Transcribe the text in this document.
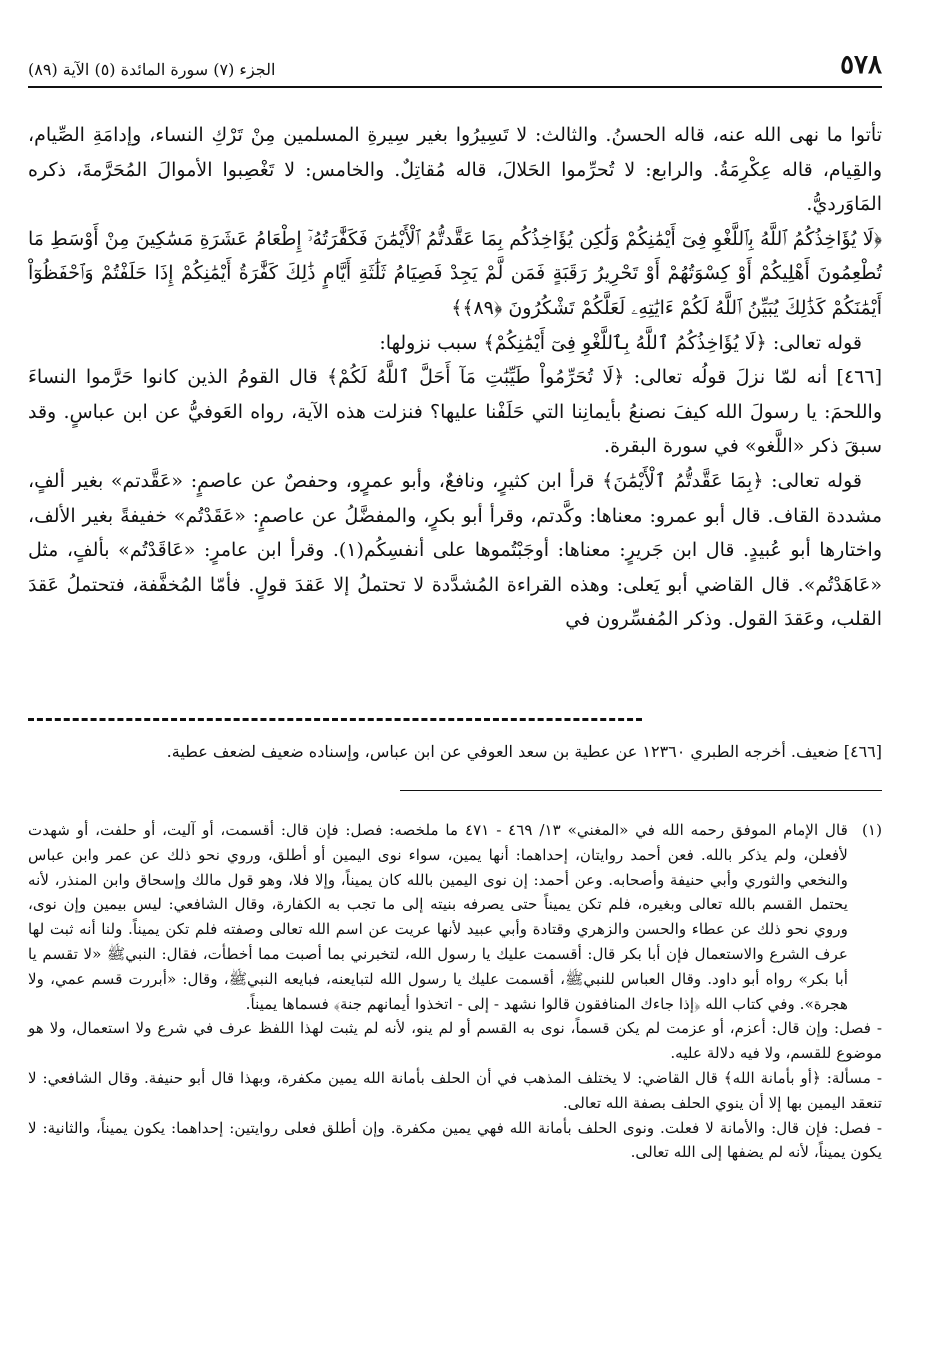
٥٧٨
الجزء (٧) سورة المائدة (٥) الآية (٨٩)

تأتوا ما نهى الله عنه، قاله الحسنُ. والثالث: لا تَسِيرُوا بغير سِيرةِ المسلمين مِنْ تَرْكِ النساء، وإدامَةِ الصِّيام، والقِيام، قاله عِكْرِمَةُ. والرابع: لا تُحرِّموا الحَلالَ، قاله مُقاتِلٌ. والخامس: لا تَغْصِبوا الأموالَ المُحَرَّمةَ، ذكره المَاوَرديُّ.

﴿لَا يُؤَاخِذُكُمُ ٱللَّهُ بِٱللَّغْوِ فِىٓ أَيْمَٰنِكُمْ وَلَٰكِن يُؤَاخِذُكُم بِمَا عَقَّدتُّمُ ٱلْأَيْمَٰنَ فَكَفَّٰرَتُهُۥٓ إِطْعَامُ عَشَرَةِ مَسَٰكِينَ مِنْ أَوْسَطِ مَا تُطْعِمُونَ أَهْلِيكُمْ أَوْ كِسْوَتُهُمْ أَوْ تَحْرِيرُ رَقَبَةٍ فَمَن لَّمْ يَجِدْ فَصِيَامُ ثَلَٰثَةِ أَيَّامٍ ذَٰلِكَ كَفَّٰرَةُ أَيْمَٰنِكُمْ إِذَا حَلَفْتُمْ وَٱحْفَظُوٓاْ أَيْمَٰنَكُمْ كَذَٰلِكَ يُبَيِّنُ ٱللَّهُ لَكُمْ ءَايَٰتِهِۦ لَعَلَّكُمْ تَشْكُرُونَ ﴿٨٩﴾﴾

قوله تعالى: ﴿لَا يُؤَاخِذُكُمُ ٱللَّهُ بِٱللَّغْوِ فِىٓ أَيْمَٰنِكُمْ﴾ سبب نزولها:

[٤٦٦] أنه لمّا نزلَ قولُه تعالى: ﴿لَا تُحَرِّمُواْ طَيِّبَٰتِ مَآ أَحَلَّ ٱللَّهُ لَكُمْ﴾ قال القومُ الذين كانوا حَرَّموا النساءَ واللحمَ: يا رسولَ الله كيفَ نصنعُ بأيمانِنا التي حَلَفْنا عليها؟ فنزلت هذه الآية، رواه العَوفيُّ عن ابن عباسٍ. وقد سبقَ ذكر «اللَّغو» في سورة البقرة.

قوله تعالى: ﴿بِمَا عَقَّدتُّمُ ٱلْأَيْمَٰنَ﴾ قرأ ابن كثيرٍ، ونافعٌ، وأبو عمرٍو، وحفصٌ عن عاصمٍ: «عَقَّدتم» بغير ألفٍ، مشددة القاف. قال أبو عمرو: معناها: وكَّدتم، وقرأ أبو بكرٍ، والمفضَّلُ عن عاصمٍ: «عَقَدْتُم» خفيفةً بغير الألف، واختارها أبو عُبيدٍ. قال ابن جَريرٍ: معناها: أوجَبْتُموها على أنفسِكُم(١). وقرأ ابن عامرٍ: «عَاقَدْتُم» بألفٍ، مثل «عَاهَدْتُم». قال القاضي أبو يَعلى: وهذه القراءة المُشدَّدة لا تحتملُ إلا عَقدَ قولٍ. فأمّا المُخفَّفة، فتحتملُ عَقدَ القلب، وعَقدَ القول. وذكر المُفسِّرون في

[٤٦٦] ضعيف. أخرجه الطبري ١٢٣٦٠ عن عطية بن سعد العوفي عن ابن عباس، وإسناده ضعيف لضعف عطية.
(١)
قال الإمام الموفق رحمه الله في «المغني» ١٣/ ٤٦٩ - ٤٧١ ما ملخصه: فصل: فإن قال: أقسمت، أو آليت، أو حلفت، أو شهدت لأفعلن، ولم يذكر بالله. فعن أحمد روايتان، إحداهما: أنها يمين، سواء نوى اليمين أو أطلق، وروي نحو ذلك عن عمر وابن عباس والنخعي والثوري وأبي حنيفة وأصحابه. وعن أحمد: إن نوى اليمين بالله كان يميناً، وإلا فلا، وهو قول مالك وإسحاق وابن المنذر، لأنه يحتمل القسم بالله تعالى وبغيره، فلم تكن يميناً حتى يصرفه بنيته إلى ما تجب به الكفارة، وقال الشافعي: ليس بيمين وإن نوى، وروي نحو ذلك عن عطاء والحسن والزهري وقتادة وأبي عبيد لأنها عريت عن اسم الله تعالى وصفته فلم تكن يميناً. ولنا أنه ثبت لها عرف الشرع والاستعمال فإن أبا بكر قال: أقسمت عليك يا رسول الله، لتخبرني بما أصبت مما أخطأت، فقال: النبيﷺ «لا تقسم يا أبا بكر» رواه أبو داود. وقال العباس للنبيﷺ، أقسمت عليك يا رسول الله لتبايعنه، فبايعه النبيﷺ، وقال: «أبررت قسم عمي، ولا هجرة». وفي كتاب الله ﴿إذا جاءك المنافقون قالوا نشهد - إلى - اتخذوا أيمانهم جنة﴾ فسماها يميناً.

- فصل: وإن قال: أعزم، أو عزمت لم يكن قسماً، نوى به القسم أو لم ينو، لأنه لم يثبت لهذا اللفظ عرف في شرع ولا استعمال، ولا هو موضوع للقسم، ولا فيه دلالة عليه.

- مسألة: ﴿أو بأمانة الله﴾ قال القاضي: لا يختلف المذهب في أن الحلف بأمانة الله يمين مكفرة، وبهذا قال أبو حنيفة. وقال الشافعي: لا تنعقد اليمين بها إلا أن ينوي الحلف بصفة الله تعالى.

- فصل: فإن قال: والأمانة لا فعلت. ونوى الحلف بأمانة الله فهي يمين مكفرة. وإن أطلق فعلى روايتين: إحداهما: يكون يميناً، والثانية: لا يكون يميناً، لأنه لم يضفها إلى الله تعالى.
